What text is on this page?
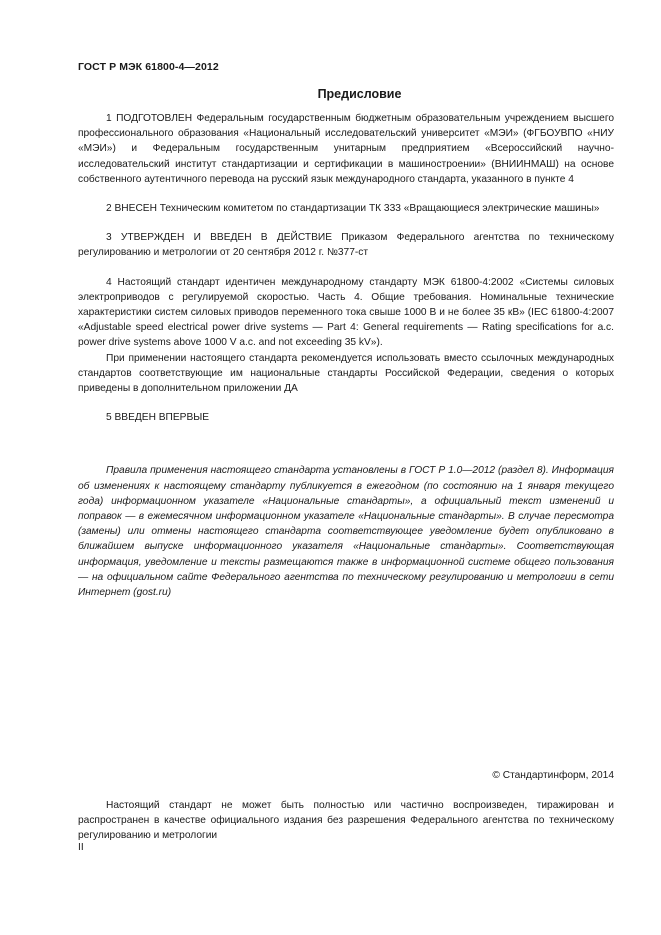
ГОСТ Р МЭК 61800-4—2012
Предисловие

1 ПОДГОТОВЛЕН Федеральным государственным бюджетным образовательным учреждением высшего профессионального образования «Национальный исследовательский университет «МЭИ» (ФГБОУВПО «НИУ «МЭИ») и Федеральным государственным унитарным предприятием «Всероссийский научно-исследовательский институт стандартизации и сертификации в машиностроении» (ВНИИНМАШ) на основе собственного аутентичного перевода на русский язык международного стандарта, указанного в пункте 4

2 ВНЕСЕН Техническим комитетом по стандартизации ТК 333 «Вращающиеся электрические машины»

3 УТВЕРЖДЕН И ВВЕДЕН В ДЕЙСТВИЕ Приказом Федерального агентства по техническому регулированию и метрологии от 20 сентября 2012 г. №377-ст

4 Настоящий стандарт идентичен международному стандарту МЭК 61800-4:2002 «Системы силовых электроприводов с регулируемой скоростью. Часть 4. Общие требования. Номинальные технические характеристики систем силовых приводов переменного тока свыше 1000 В и не более 35 кВ» (IEC 61800-4:2007 «Adjustable speed electrical power drive systems — Part 4: General requirements — Rating specifications for a.c. power drive systems above 1000 V a.c. and not exceeding 35 kV»).

При применении настоящего стандарта рекомендуется использовать вместо ссылочных международных стандартов соответствующие им национальные стандарты Российской Федерации, сведения о которых приведены в дополнительном приложении ДА

5 ВВЕДЕН ВПЕРВЫЕ

Правила применения настоящего стандарта установлены в ГОСТ Р 1.0—2012 (раздел 8). Информация об изменениях к настоящему стандарту публикуется в ежегодном (по состоянию на 1 января текущего года) информационном указателе «Национальные стандарты», а официальный текст изменений и поправок — в ежемесячном информационном указателе «Национальные стандарты». В случае пересмотра (замены) или отмены настоящего стандарта соответствующее уведомление будет опубликовано в ближайшем выпуске информационного указателя «Национальные стандарты». Соответствующая информация, уведомление и тексты размещаются также в информационной системе общего пользования — на официальном сайте Федерального агентства по техническому регулированию и метрологии в сети Интернет (gost.ru)

© Стандартинформ, 2014

Настоящий стандарт не может быть полностью или частично воспроизведен, тиражирован и распространен в качестве официального издания без разрешения Федерального агентства по техническому регулированию и метрологии

II
